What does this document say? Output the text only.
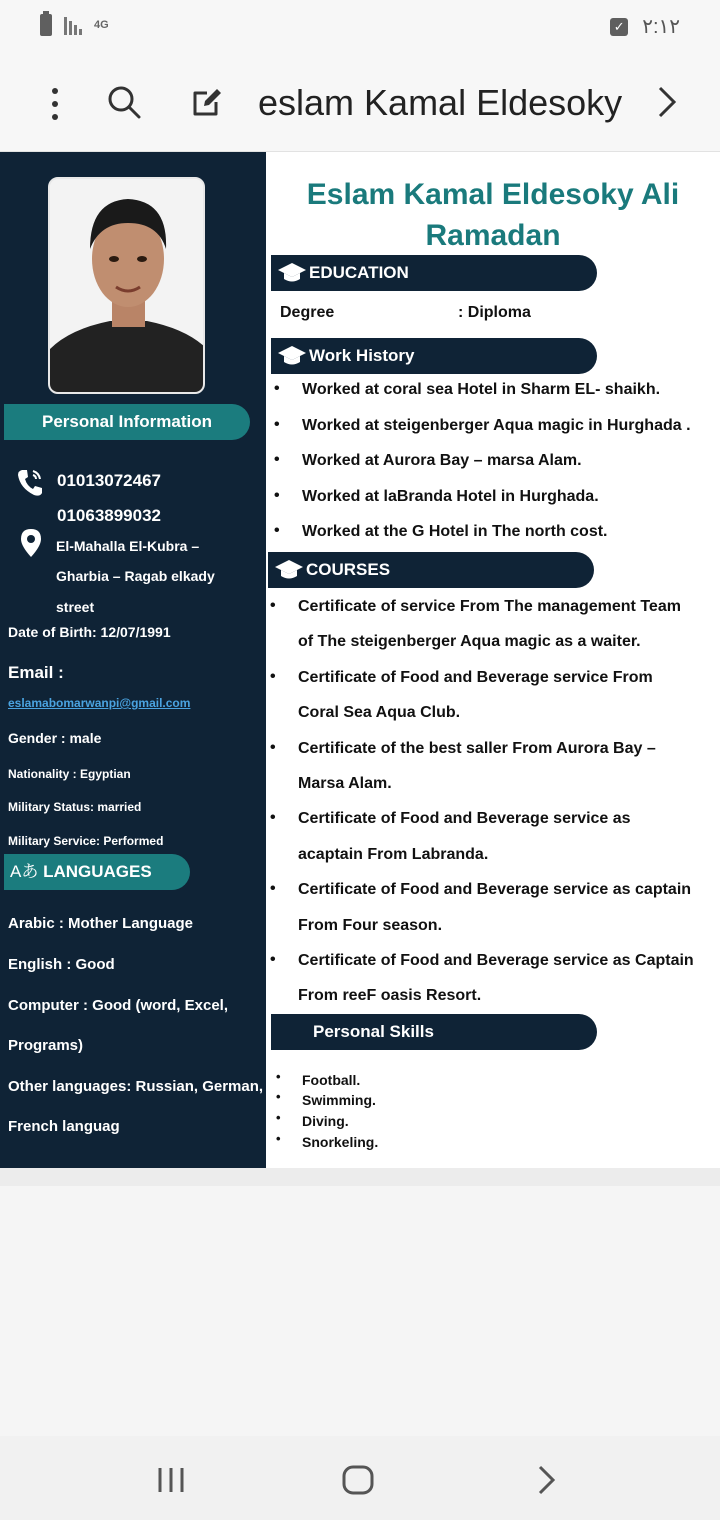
4G	✓ ٢:١٢
eslam Kamal Eldesoky
Personal Information
01013072467
01063899032
El-Mahalla El-Kubra –
Gharbia – Ragab elkady
street
Date of Birth: 12/07/1991
Email :
eslamabomarwanpi@gmail.com
Gender : male
Nationality : Egyptian
Military Status: married
Military Service: Performed
Aあ LANGUAGES
Arabic : Mother Language
English : Good
Computer : Good (word, Excel,
Programs)
Other languages: Russian, German,
French languag
Eslam Kamal Eldesoky Ali Ramadan
EDUCATION
Degree	: Diploma
Work History
• Worked at coral sea Hotel in Sharm EL- shaikh.
• Worked at steigenberger Aqua magic in Hurghada .
• Worked at Aurora Bay – marsa Alam.
• Worked at laBranda Hotel in Hurghada.
• Worked at the G Hotel in The north cost.
COURSES
• Certificate of service From The management Team
of The steigenberger Aqua magic as a waiter.
• Certificate of Food and Beverage service From
Coral Sea Aqua Club.
• Certificate of the best saller From Aurora Bay –
Marsa Alam.
• Certificate of Food and Beverage service as
acaptain From Labranda.
• Certificate of Food and Beverage service as captain
From Four season.
• Certificate of Food and Beverage service as Captain
From reeF oasis Resort.
Personal Skills
• Football.
• Swimming.
• Diving.
• Snorkeling.
